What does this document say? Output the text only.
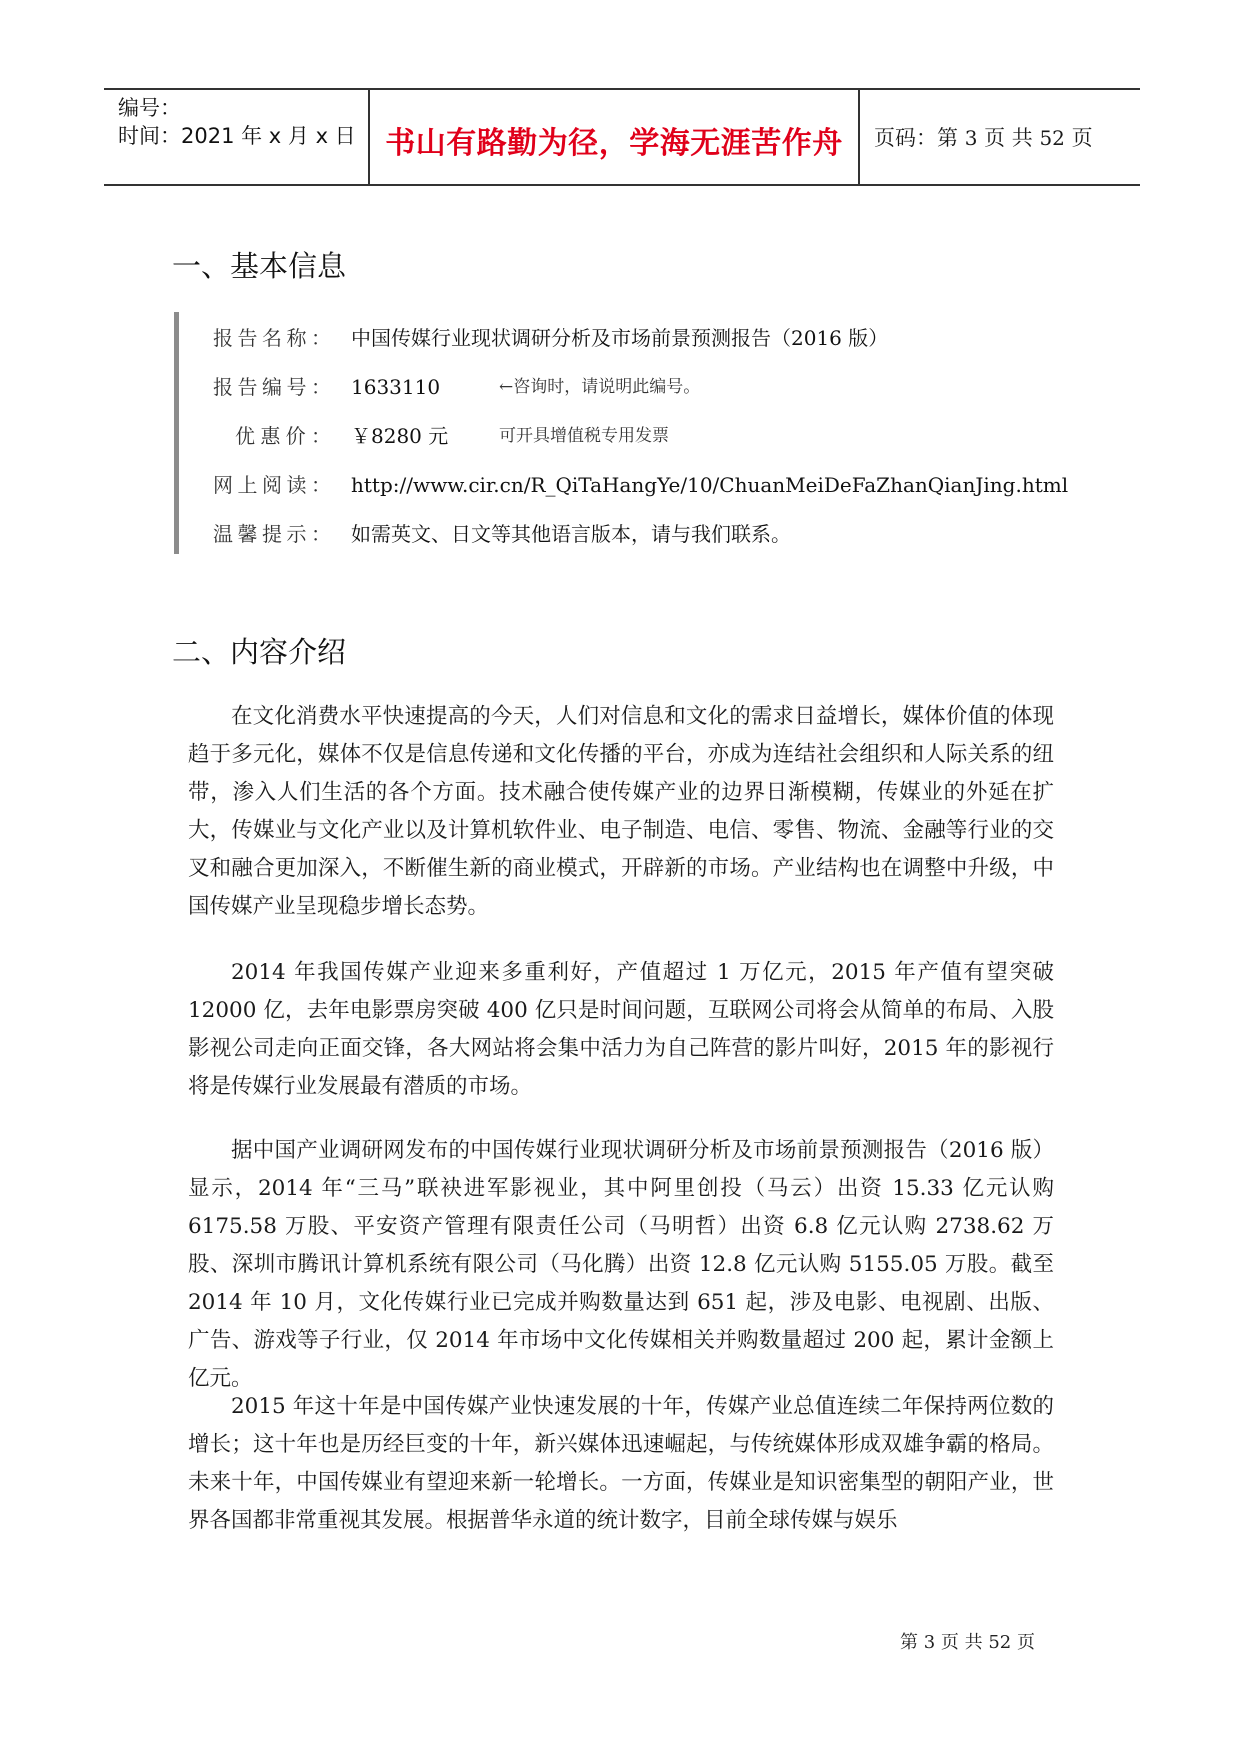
编号：
时间：2021 年 x 月 x 日 书山有路勤为径，学海无涯苦作舟	页码：第 3 页 共 52 页
一、基本信息
报告名称： 中国传媒行业现状调研分析及市场前景预测报告（2016 版）
报告编号： 1633110	←咨询时，请说明此编号。
优惠价： ￥8280 元	可开具增值税专用发票
网上阅读： http://www.cir.cn/R_QiTaHangYe/10/ChuanMeiDeFaZhanQianJing.html
温馨提示： 如需英文、日文等其他语言版本，请与我们联系。
二、内容介绍

在文化消费水平快速提高的今天，人们对信息和文化的需求日益增长，媒体价值的体现趋于多元化，媒体不仅是信息传递和文化传播的平台，亦成为连结社会组织和人际关系的纽带，渗入人们生活的各个方面。技术融合使传媒产业的边界日渐模糊，传媒业的外延在扩大，传媒业与文化产业以及计算机软件业、电子制造、电信、零售、物流、金融等行业的交叉和融合更加深入，不断催生新的商业模式，开辟新的市场。产业结构也在调整中升级，中国传媒产业呈现稳步增长态势。

2014 年我国传媒产业迎来多重利好，产值超过 1 万亿元，2015 年产值有望突破 12000 亿，去年电影票房突破 400 亿只是时间问题，互联网公司将会从简单的布局、入股影视公司走向正面交锋，各大网站将会集中活力为自己阵营的影片叫好，2015 年的影视行将是传媒行业发展最有潜质的市场。

据中国产业调研网发布的中国传媒行业现状调研分析及市场前景预测报告（2016 版）显示，2014 年“三马”联袂进军影视业，其中阿里创投（马云）出资 15.33 亿元认购 6175.58 万股、平安资产管理有限责任公司（马明哲）出资 6.8 亿元认购 2738.62 万股、深圳市腾讯计算机系统有限公司（马化腾）出资 12.8 亿元认购 5155.05 万股。截至 2014 年 10 月，文化传媒行业已完成并购数量达到 651 起，涉及电影、电视剧、出版、广告、游戏等子行业，仅 2014 年市场中文化传媒相关并购数量超过 200 起，累计金额上亿元。

2015 年这十年是中国传媒产业快速发展的十年，传媒产业总值连续二年保持两位数的增长；这十年也是历经巨变的十年，新兴媒体迅速崛起，与传统媒体形成双雄争霸的格局。未来十年，中国传媒业有望迎来新一轮增长。一方面，传媒业是知识密集型的朝阳产业，世界各国都非常重视其发展。根据普华永道的统计数字，目前全球传媒与娱乐

第 3 页 共 52 页
